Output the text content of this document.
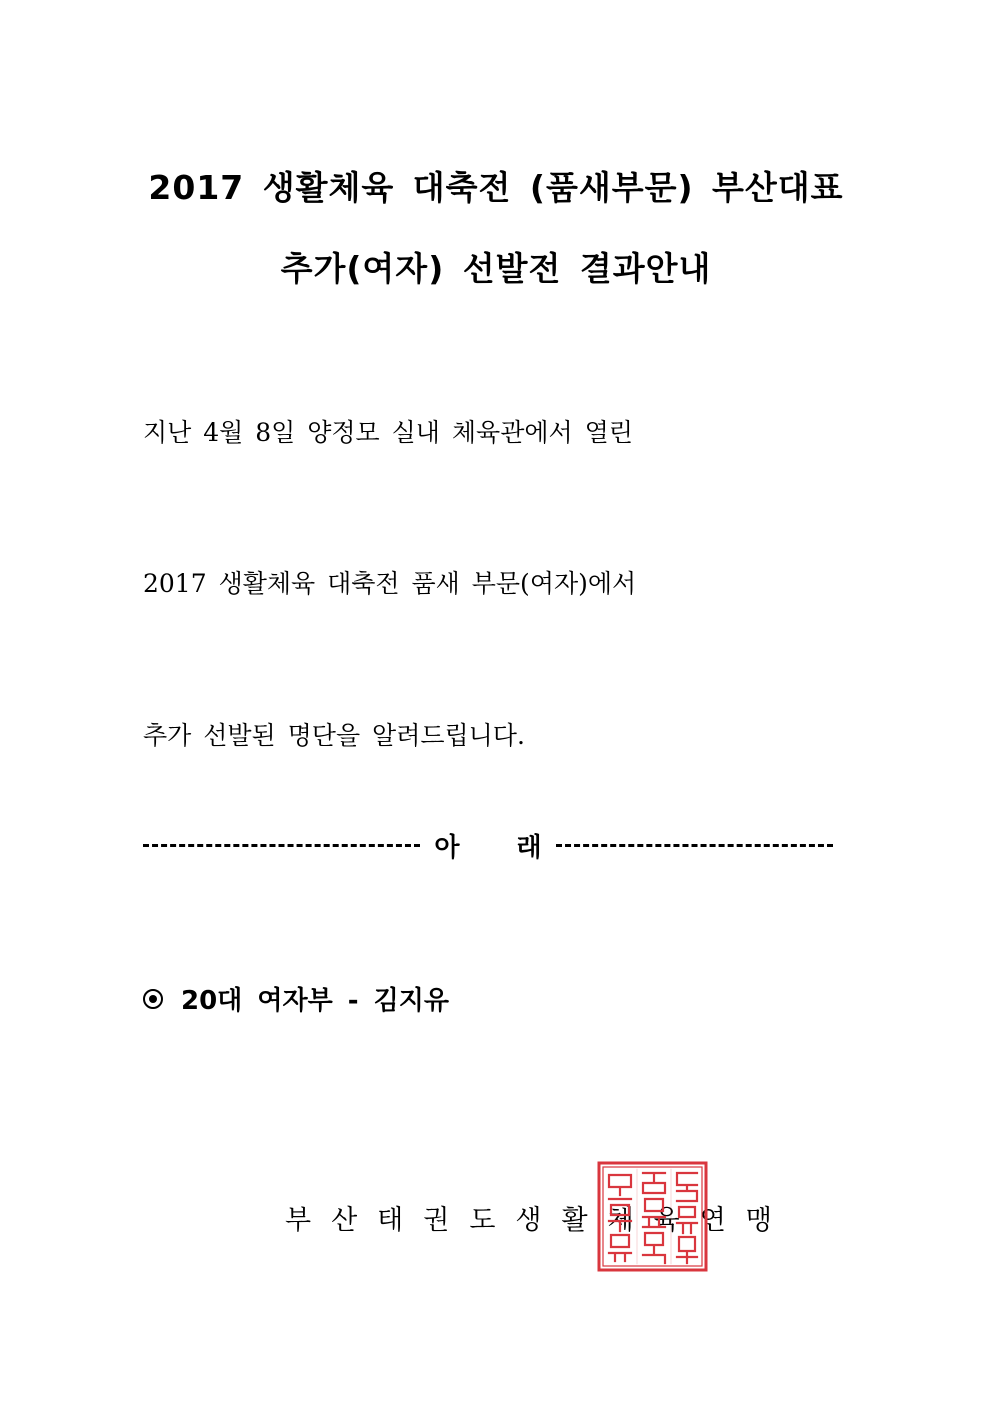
2017 생활체육 대축전 (품새부문) 부산대표
추가(여자) 선발전 결과안내
지난 4월 8일 양정모 실내 체육관에서 열린
2017 생활체육 대축전 품새 부문(여자)에서
추가 선발된 명단을 알려드립니다.
아 래
20대 여자부 - 김지유
부산태권도생활체육연맹
